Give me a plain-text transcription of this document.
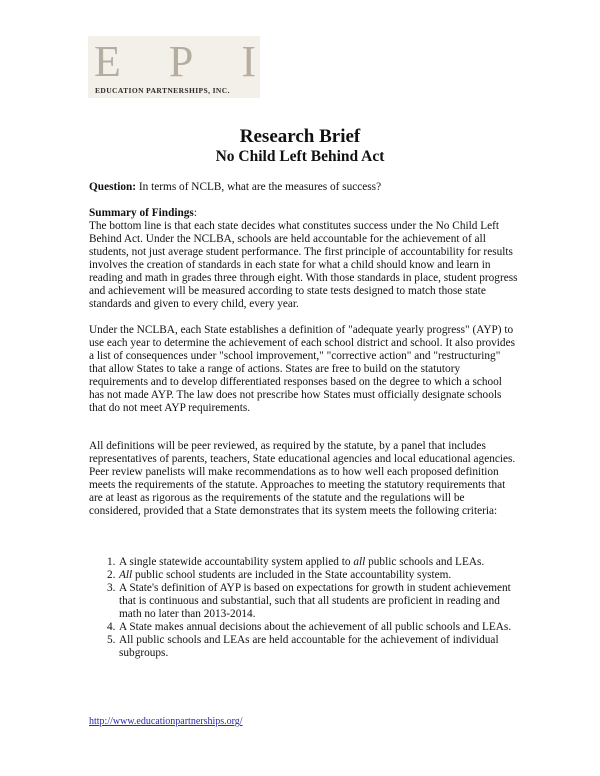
E P I
EDUCATION PARTNERSHIPS, INC.
Research Brief
No Child Left Behind Act
Question: In terms of NCLB, what are the measures of success?
Summary of Findings:
The bottom line is that each state decides what constitutes success under the No Child Left Behind Act. Under the NCLBA, schools are held accountable for the achievement of all students, not just average student performance. The first principle of accountability for results involves the creation of standards in each state for what a child should know and learn in reading and math in grades three through eight. With those standards in place, student progress and achievement will be measured according to state tests designed to match those state standards and given to every child, every year.
Under the NCLBA, each State establishes a definition of "adequate yearly progress" (AYP) to use each year to determine the achievement of each school district and school. It also provides a list of consequences under "school improvement," "corrective action" and "restructuring" that allow States to take a range of actions. States are free to build on the statutory requirements and to develop differentiated responses based on the degree to which a school has not made AYP. The law does not prescribe how States must officially designate schools that do not meet AYP requirements.
All definitions will be peer reviewed, as required by the statute, by a panel that includes representatives of parents, teachers, State educational agencies and local educational agencies. Peer review panelists will make recommendations as to how well each proposed definition meets the requirements of the statute. Approaches to meeting the statutory requirements that are at least as rigorous as the requirements of the statute and the regulations will be considered, provided that a State demonstrates that its system meets the following criteria:
1. A single statewide accountability system applied to all public schools and LEAs.
2. All public school students are included in the State accountability system.
3. A State's definition of AYP is based on expectations for growth in student achievement that is continuous and substantial, such that all students are proficient in reading and math no later than 2013-2014.
4. A State makes annual decisions about the achievement of all public schools and LEAs.
5. All public schools and LEAs are held accountable for the achievement of individual subgroups.
http://www.educationpartnerships.org/
